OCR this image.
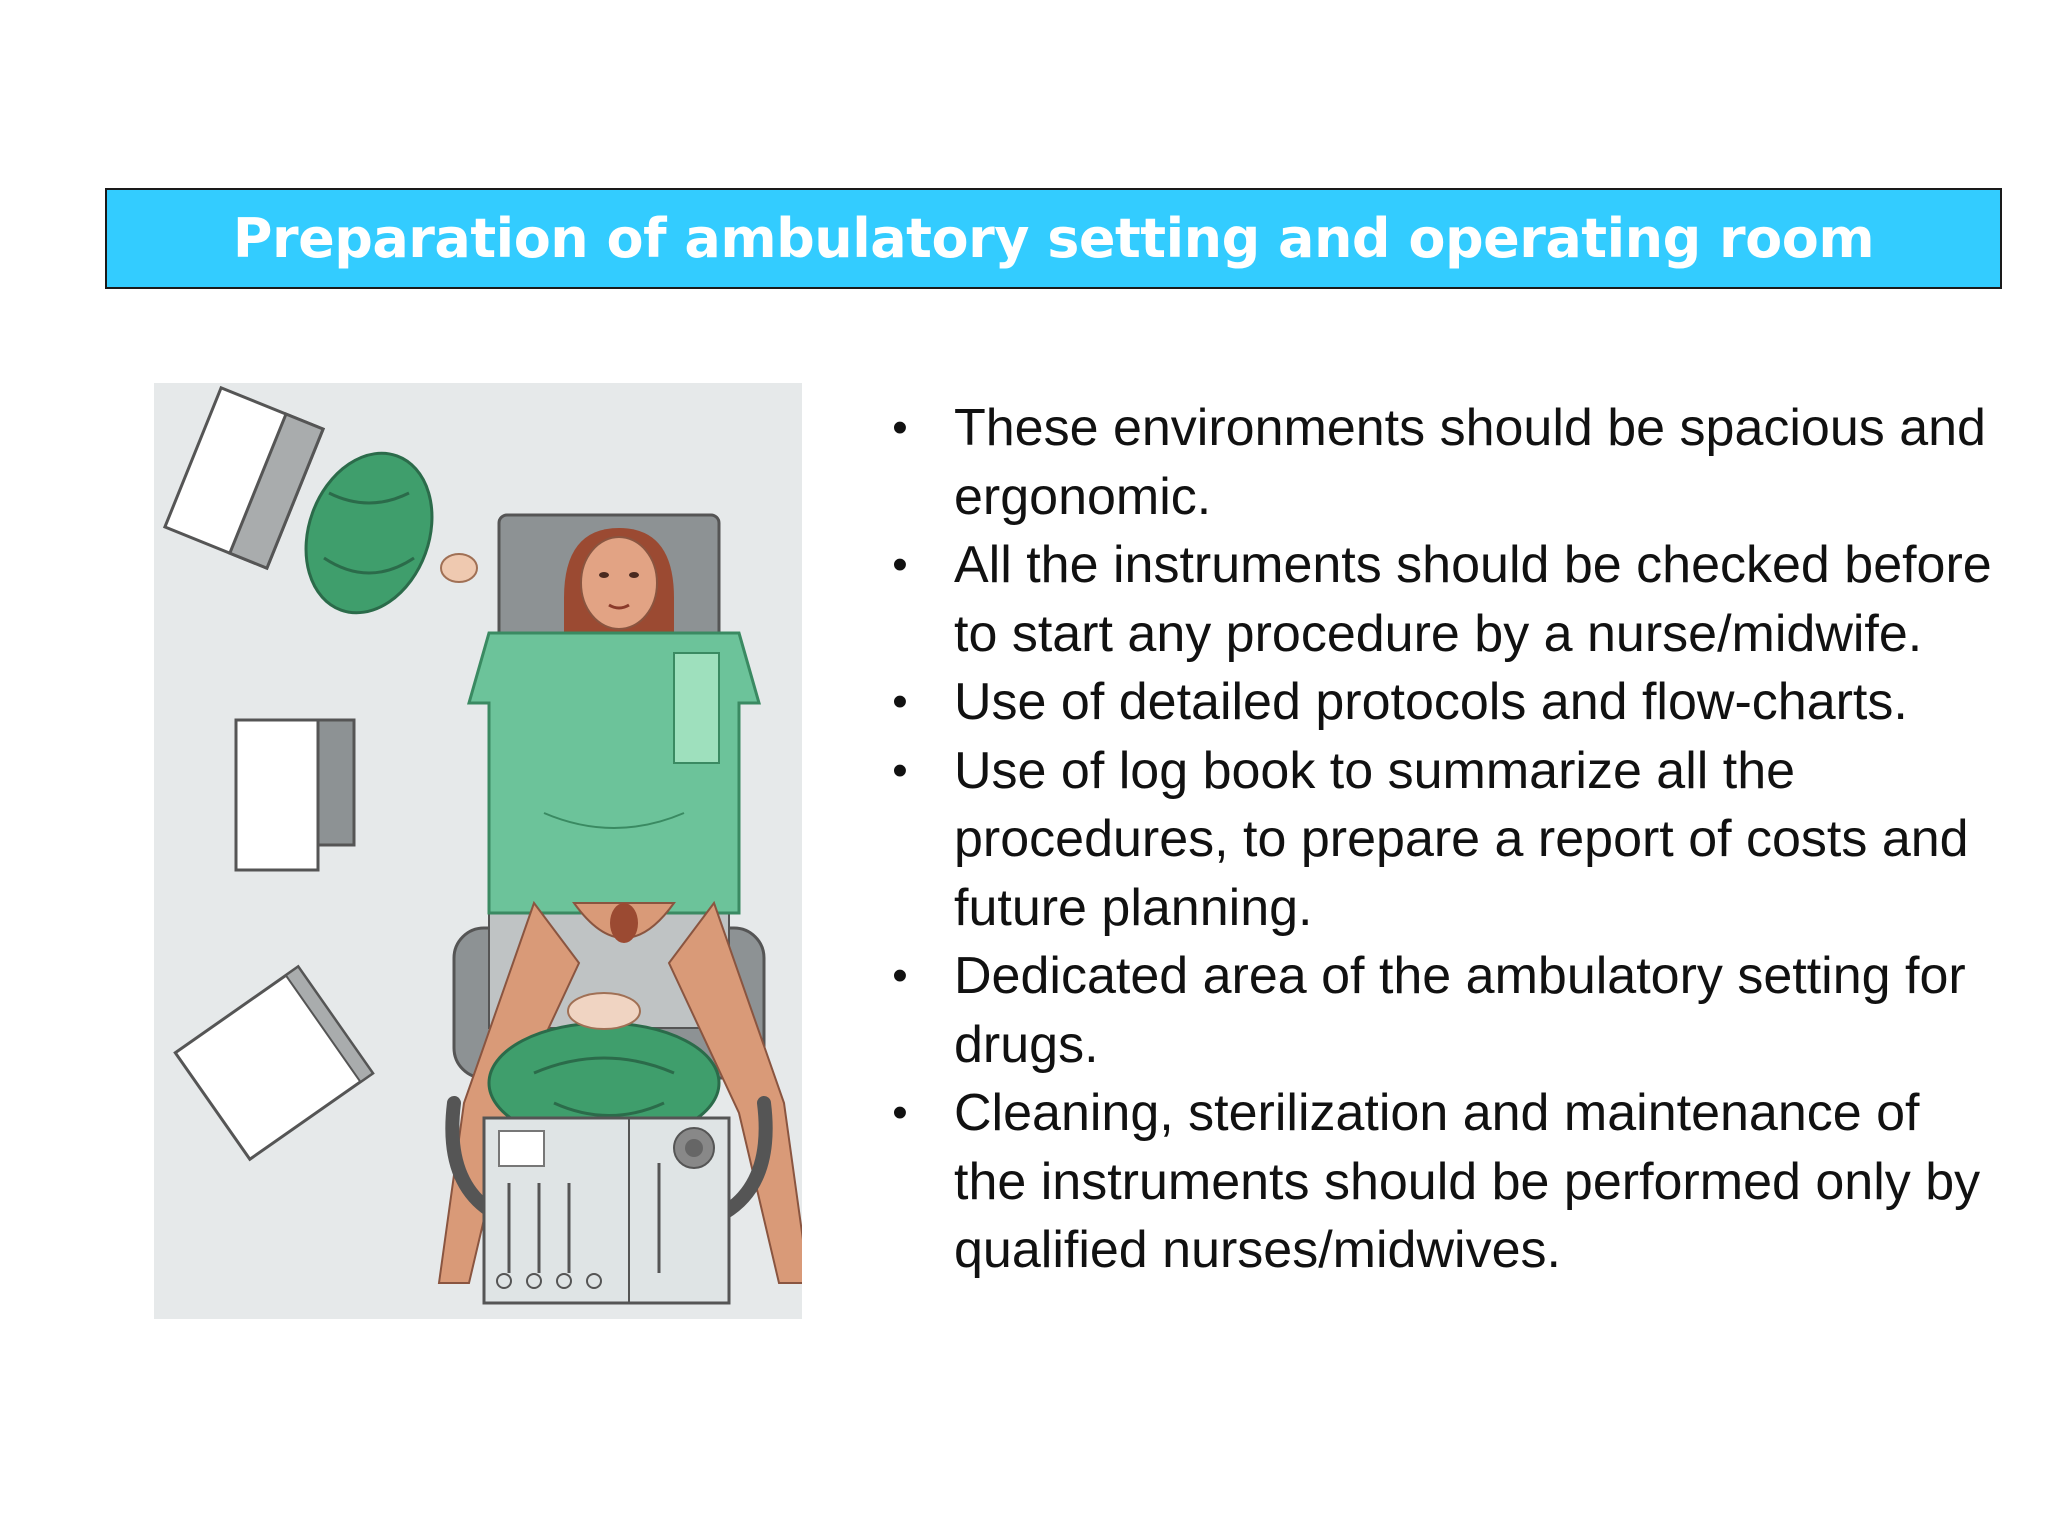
Preparation of ambulatory setting and operating room
• These environments should be spacious and ergonomic.
• All the instruments should be checked before to start any procedure by a nurse/midwife.
• Use of detailed protocols and flow-charts.
• Use of log book to summarize all the procedures, to prepare a report of costs and future planning.
• Dedicated area of the ambulatory setting for drugs.
• Cleaning, sterilization and maintenance of the instruments should be performed only by qualified nurses/midwives.
